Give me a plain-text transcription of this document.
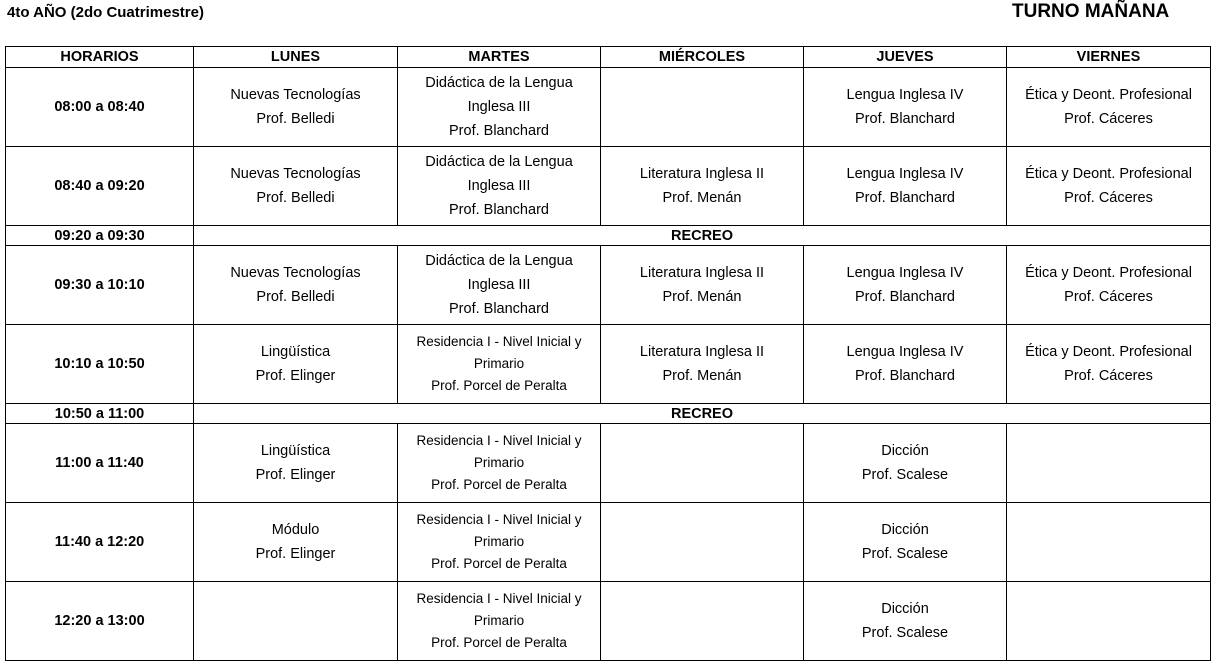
4to AÑO (2do Cuatrimestre)	TURNO MAÑANA
HORARIOS	LUNES	MARTES	MIÉRCOLES	JUEVES	VIERNES
08:00 a 08:40	Nuevas Tecnologías
Prof. Belledi	Didáctica de la Lengua
Inglesa III
Prof. Blanchard		Lengua Inglesa IV
Prof. Blanchard	Ética y Deont. Profesional
Prof. Cáceres

08:40 a 09:20	Nuevas Tecnologías
Prof. Belledi	Didáctica de la Lengua
Inglesa III
Prof. Blanchard	Literatura Inglesa II
Prof. Menán	Lengua Inglesa IV
Prof. Blanchard	Ética y Deont. Profesional
Prof. Cáceres

09:20 a 09:30	RECREO				
09:30 a 10:10	Nuevas Tecnologías
Prof. Belledi	Didáctica de la Lengua
Inglesa III
Prof. Blanchard	Literatura Inglesa II
Prof. Menán	Lengua Inglesa IV
Prof. Blanchard	Ética y Deont. Profesional
Prof. Cáceres

10:10 a 10:50	Lingüística
Prof. Elinger	Residencia I - Nivel Inicial y
Primario
Prof. Porcel de Peralta	Literatura Inglesa II
Prof. Menán	Lengua Inglesa IV
Prof. Blanchard	Ética y Deont. Profesional
Prof. Cáceres

10:50 a 11:00	RECREO				
11:00 a 11:40	Lingüística
Prof. Elinger	Residencia I - Nivel Inicial y
Primario
Prof. Porcel de Peralta		Dicción
Prof. Scalese	

11:40 a 12:20	Módulo
Prof. Elinger	Residencia I - Nivel Inicial y
Primario
Prof. Porcel de Peralta		Dicción
Prof. Scalese	

12:20 a 13:00		Residencia I - Nivel Inicial y
Primario
Prof. Porcel de Peralta		Dicción
Prof. Scalese	
